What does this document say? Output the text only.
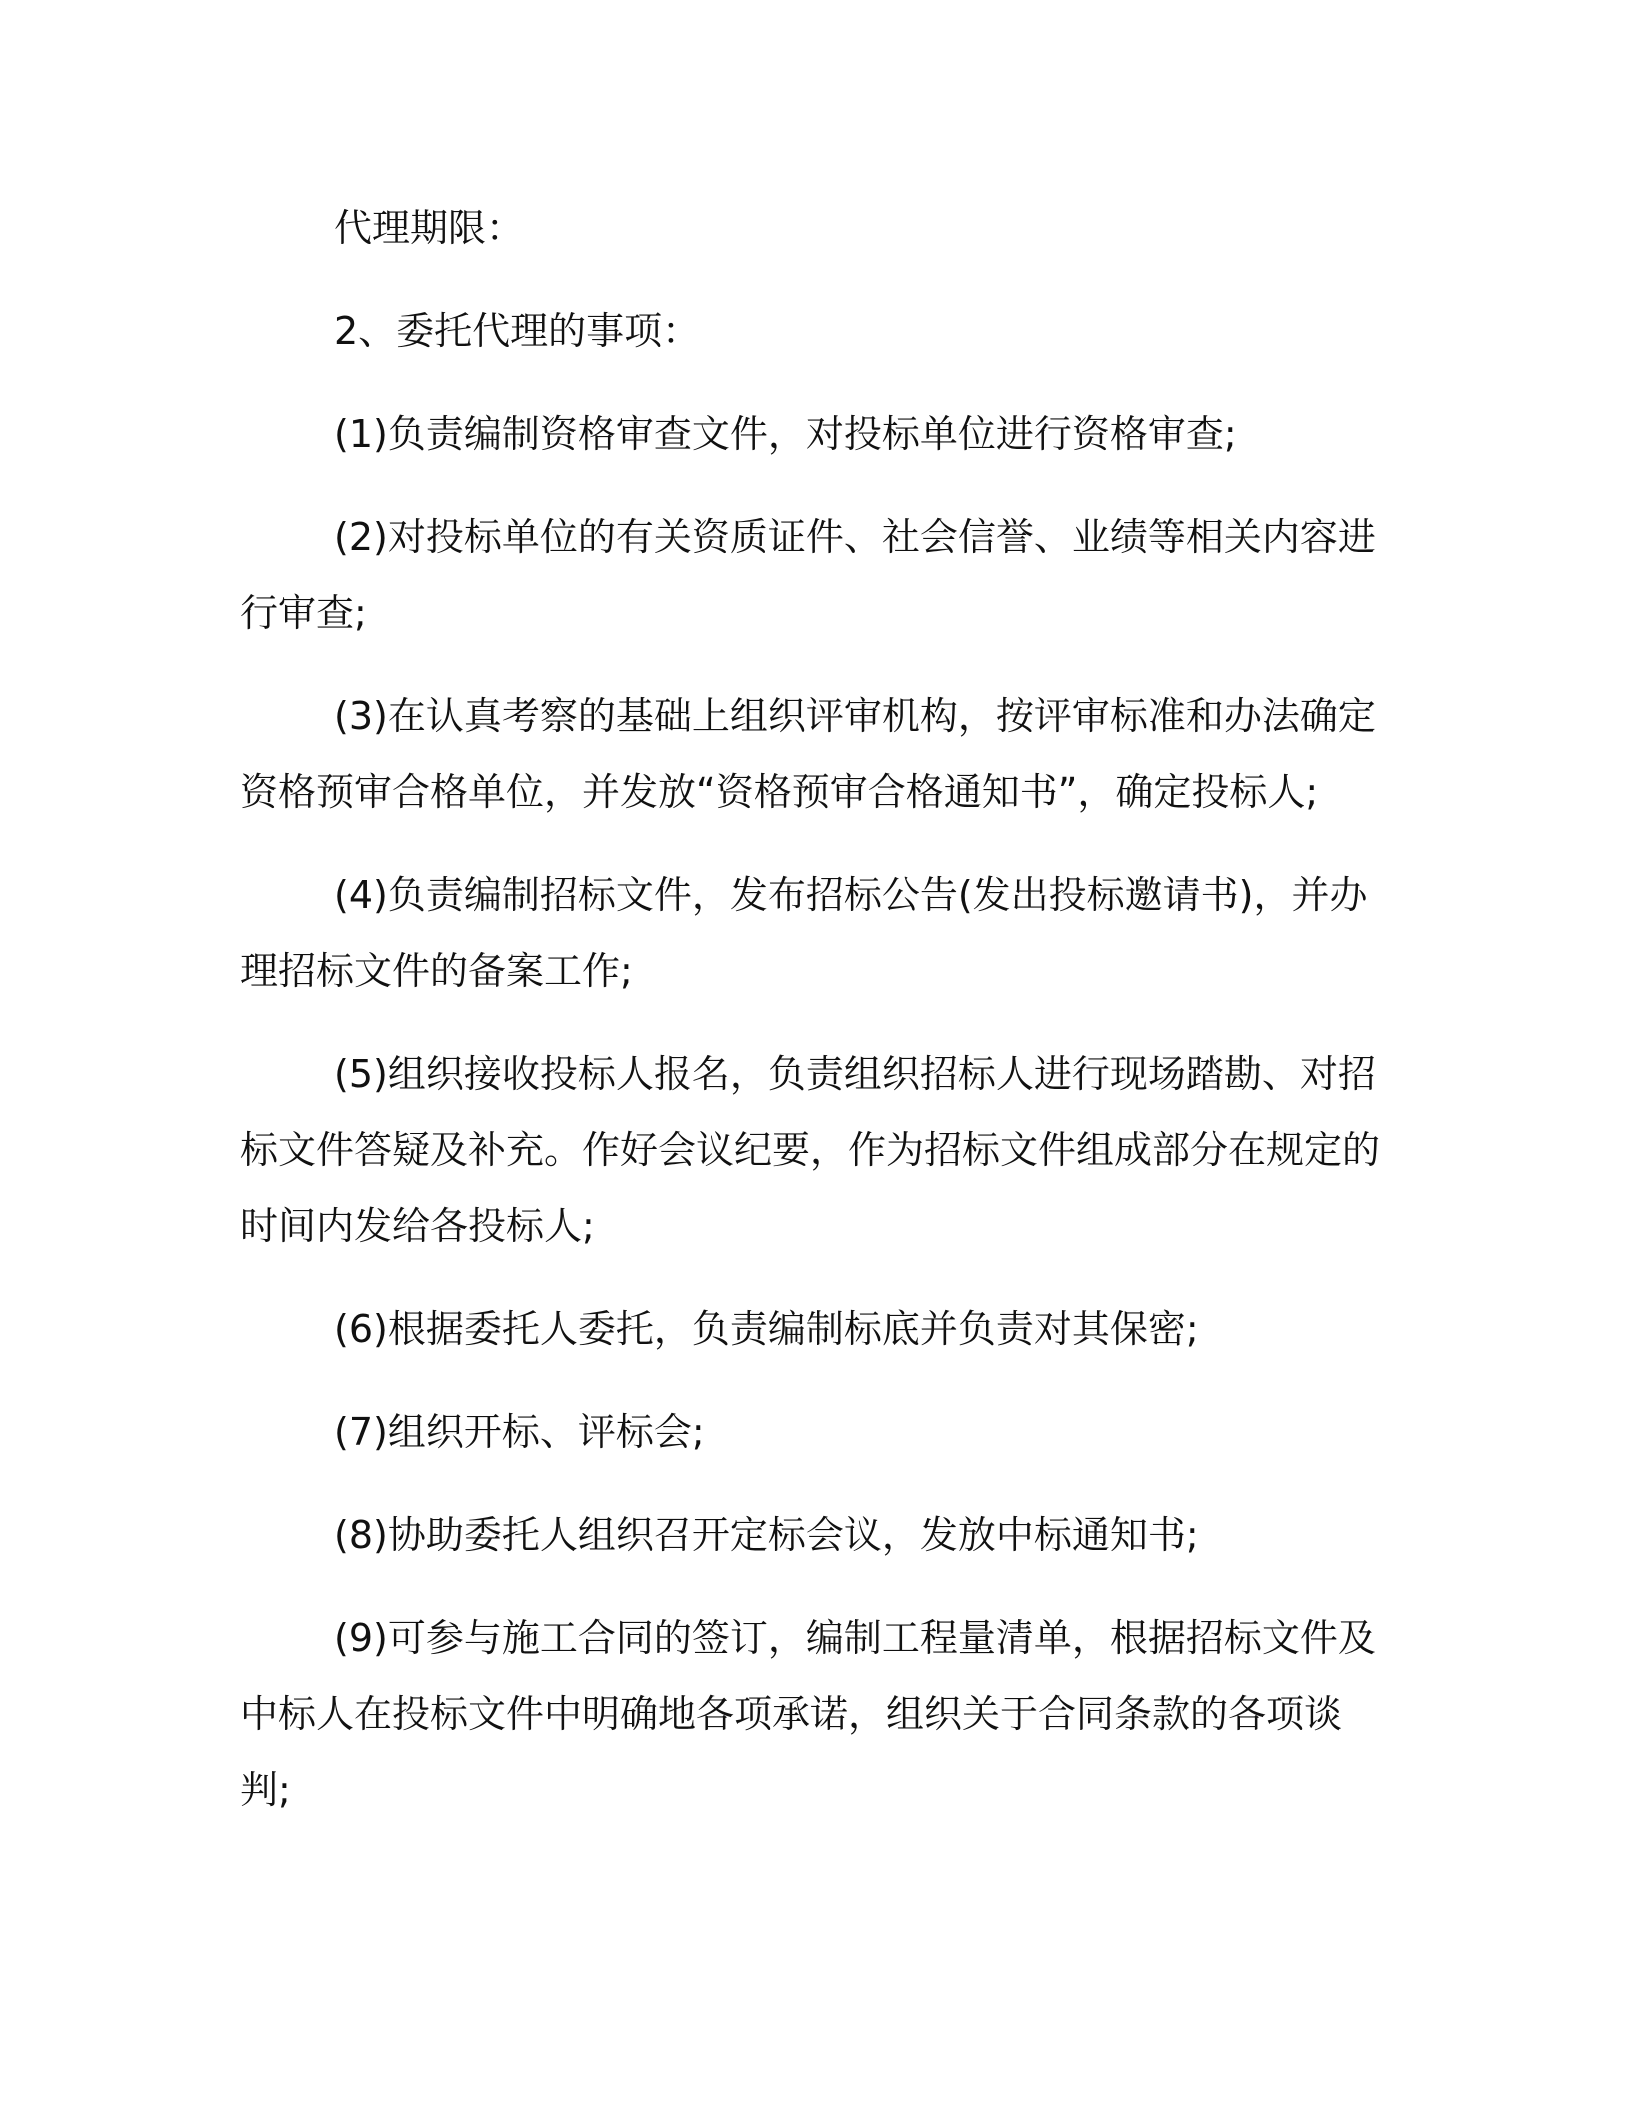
代理期限：

2、委托代理的事项：

(1)负责编制资格审查文件，对投标单位进行资格审查;

(2)对投标单位的有关资质证件、社会信誉、业绩等相关内容进行审查;

(3)在认真考察的基础上组织评审机构，按评审标准和办法确定资格预审合格单位，并发放“资格预审合格通知书”，确定投标人;

(4)负责编制招标文件，发布招标公告(发出投标邀请书)，并办理招标文件的备案工作;

(5)组织接收投标人报名，负责组织招标人进行现场踏勘、对招标文件答疑及补充。作好会议纪要，作为招标文件组成部分在规定的时间内发给各投标人;

(6)根据委托人委托，负责编制标底并负责对其保密;

(7)组织开标、评标会;

(8)协助委托人组织召开定标会议，发放中标通知书;

(9)可参与施工合同的签订，编制工程量清单，根据招标文件及中标人在投标文件中明确地各项承诺，组织关于合同条款的各项谈判;
